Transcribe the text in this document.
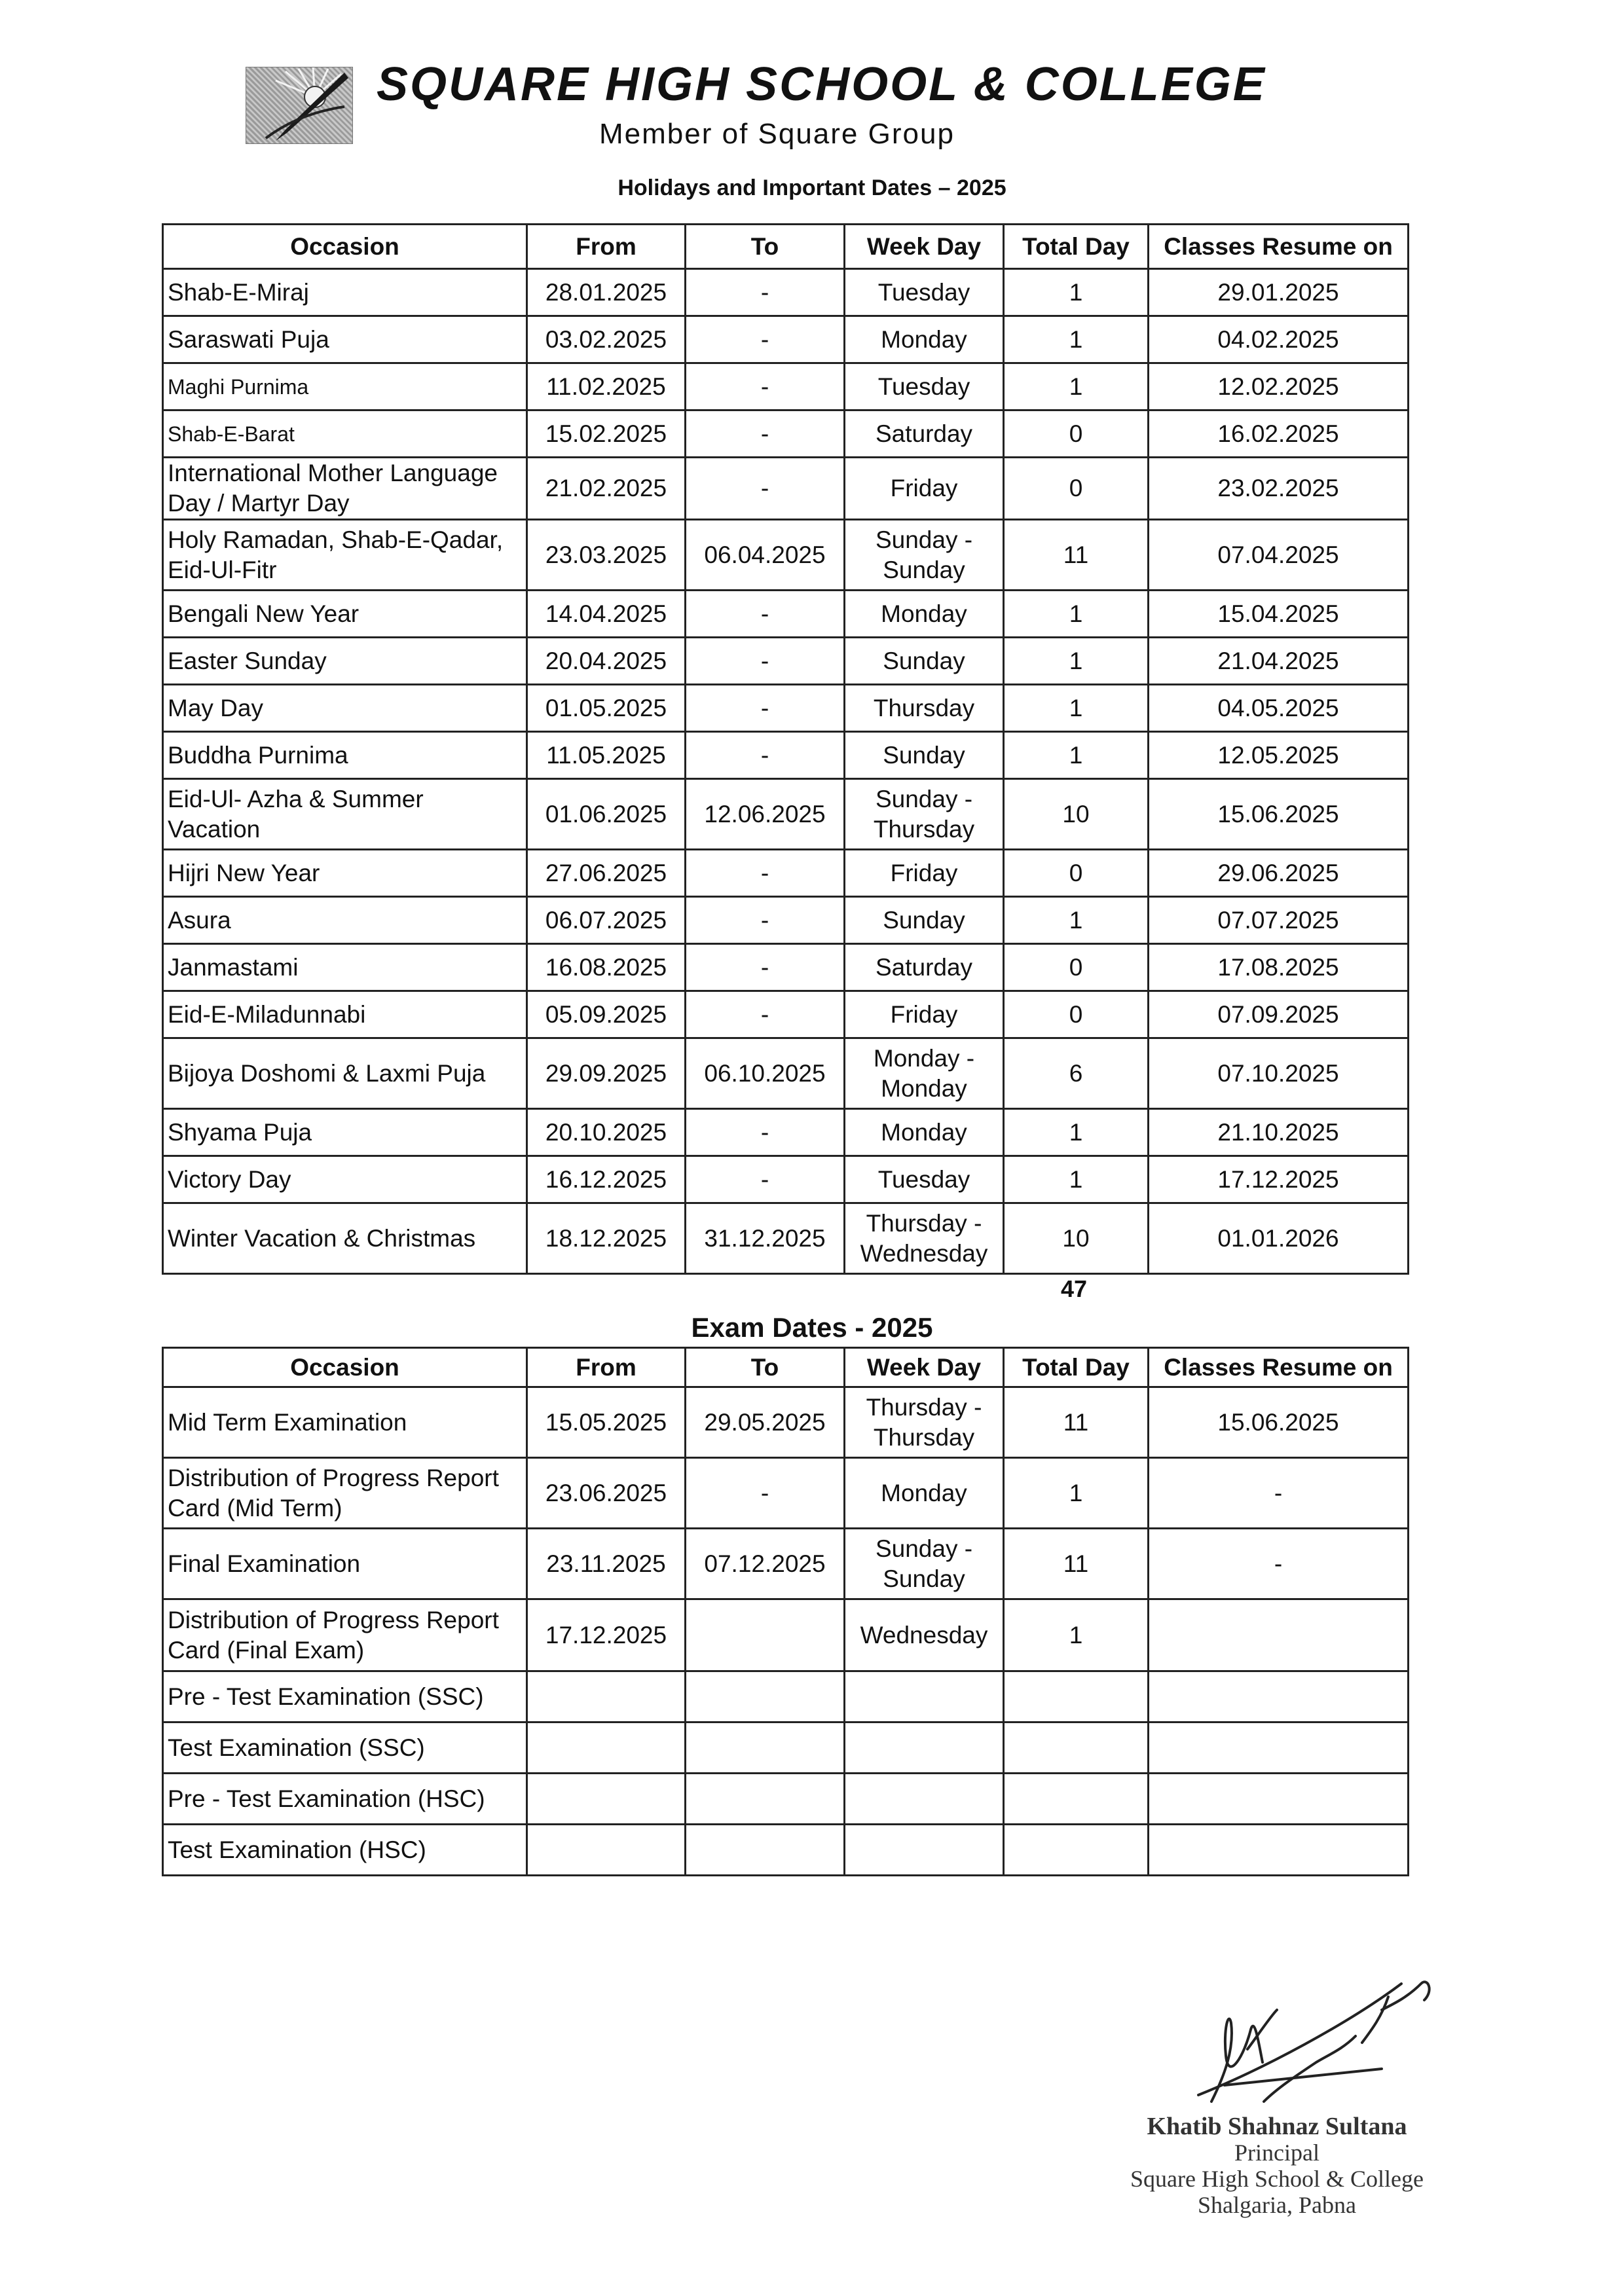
SQUARE HIGH SCHOOL & COLLEGE
Member of Square Group
Holidays and Important Dates – 2025
Occasion	From	To	Week Day	Total Day	Classes Resume on
Shab-E-Miraj	28.01.2025	-	Tuesday	1	29.01.2025
Saraswati Puja	03.02.2025	-	Monday	1	04.02.2025
Maghi Purnima	11.02.2025	-	Tuesday	1	12.02.2025
Shab-E-Barat	15.02.2025	-	Saturday	0	16.02.2025
International Mother Language Day / Martyr Day	21.02.2025	-	Friday	0	23.02.2025
Holy Ramadan, Shab-E-Qadar, Eid-Ul-Fitr	23.03.2025	06.04.2025	Sunday - Sunday	11	07.04.2025
Bengali New Year	14.04.2025	-	Monday	1	15.04.2025
Easter Sunday	20.04.2025	-	Sunday	1	21.04.2025
May Day	01.05.2025	-	Thursday	1	04.05.2025
Buddha Purnima	11.05.2025	-	Sunday	1	12.05.2025
Eid-Ul- Azha & Summer Vacation	01.06.2025	12.06.2025	Sunday - Thursday	10	15.06.2025
Hijri New Year	27.06.2025	-	Friday	0	29.06.2025
Asura	06.07.2025	-	Sunday	1	07.07.2025
Janmastami	16.08.2025	-	Saturday	0	17.08.2025
Eid-E-Miladunnabi	05.09.2025	-	Friday	0	07.09.2025
Bijoya Doshomi & Laxmi Puja	29.09.2025	06.10.2025	Monday - Monday	6	07.10.2025
Shyama Puja	20.10.2025	-	Monday	1	21.10.2025
Victory Day	16.12.2025	-	Tuesday	1	17.12.2025
Winter Vacation & Christmas	18.12.2025	31.12.2025	Thursday - Wednesday	10	01.01.2026
47
Exam Dates - 2025
Occasion	From	To	Week Day	Total Day	Classes Resume on
Mid Term Examination	15.05.2025	29.05.2025	Thursday - Thursday	11	15.06.2025
Distribution of Progress Report Card (Mid Term)	23.06.2025	-	Monday	1	-
Final Examination	23.11.2025	07.12.2025	Sunday - Sunday	11	-
Distribution of Progress Report Card (Final Exam)	17.12.2025		Wednesday	1	
Pre - Test Examination (SSC)					
Test Examination (SSC)					
Pre - Test Examination (HSC)					
Test Examination (HSC)					
Khatib Shahnaz Sultana
Principal
Square High School & College
Shalgaria, Pabna
